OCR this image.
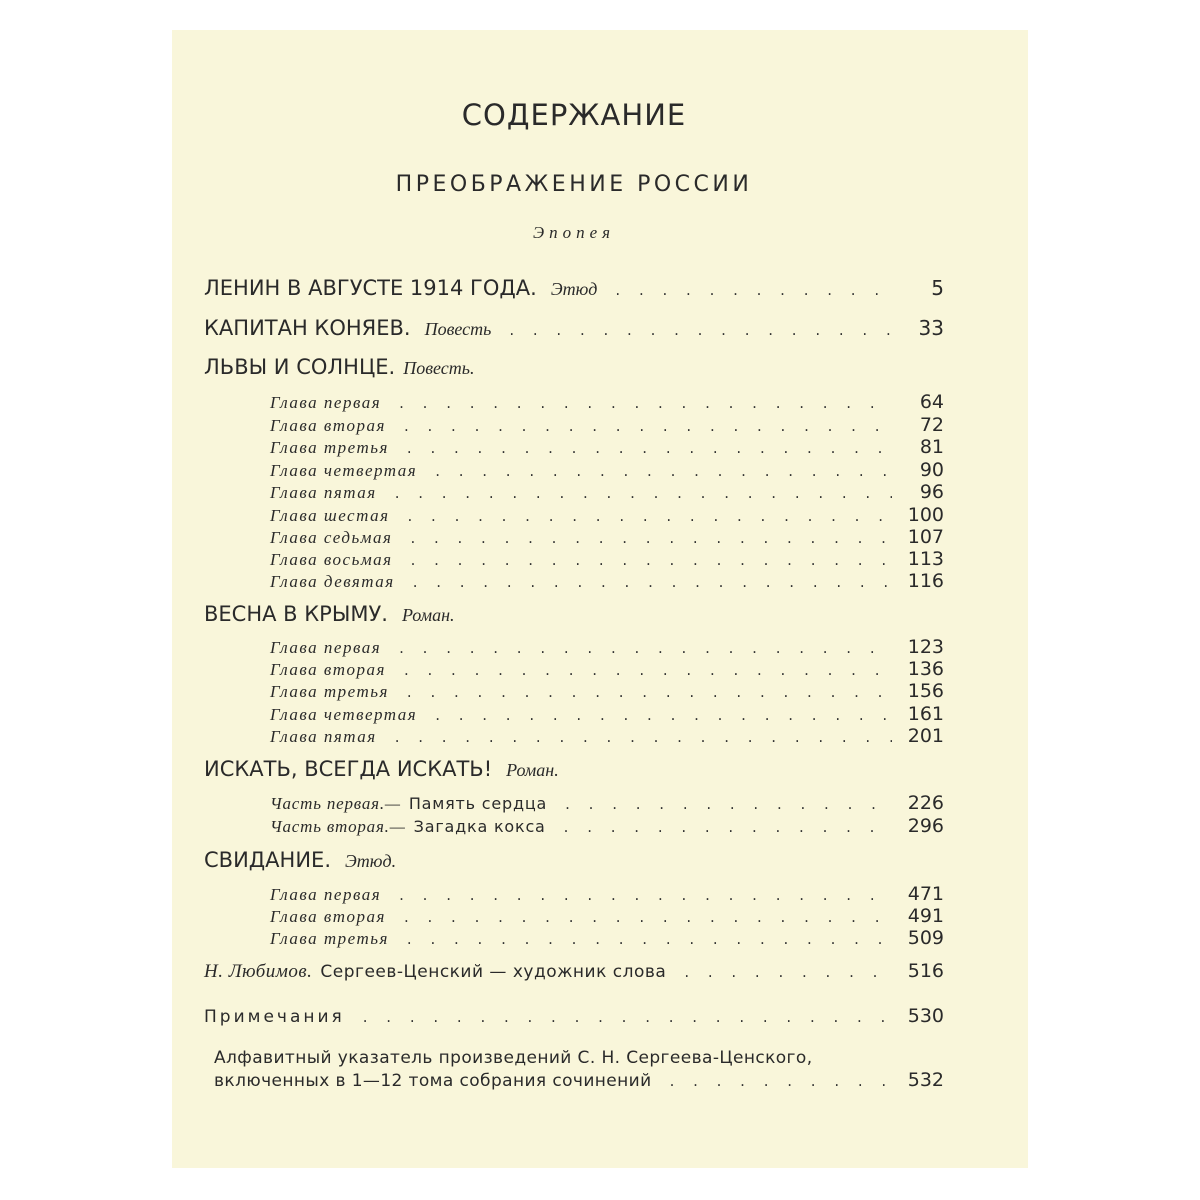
СОДЕРЖАНИЕ
ПРЕОБРАЖЕНИЕ РОССИИ
Эпопея
ЛЕНИН В АВГУСТЕ 1914 ГОДА. Этюд . . .	5
КАПИТАН КОНЯЕВ. Повесть . . .	33
ЛЬВЫ И СОЛНЦЕ. Повесть.
Глава первая . . .	64
Глава вторая . . .	72
Глава третья . . .	81
Глава четвертая . . .	90
Глава пятая . . .	96
Глава шестая . . .	100
Глава седьмая . . .	107
Глава восьмая . . .	113
Глава девятая . . .	116
ВЕСНА В КРЫМУ. Роман.
Глава первая . . .	123
Глава вторая . . .	136
Глава третья . . .	156
Глава четвертая . . .	161
Глава пятая . . .	201
ИСКАТЬ, ВСЕГДА ИСКАТЬ! Роман.
Часть первая.— Память сердца . . .	226
Часть вторая.— Загадка кокса . . .	296
СВИДАНИЕ. Этюд.
Глава первая . . .	471
Глава вторая . . .	491
Глава третья . . .	509
Н. Любимов. Сергеев-Ценский — художник слова . . .	516
Примечания . . .	530
Алфавитный указатель произведений С. Н. Сергеева-Ценского,
включенных в 1—12 тома собрания сочинений . . .	532
